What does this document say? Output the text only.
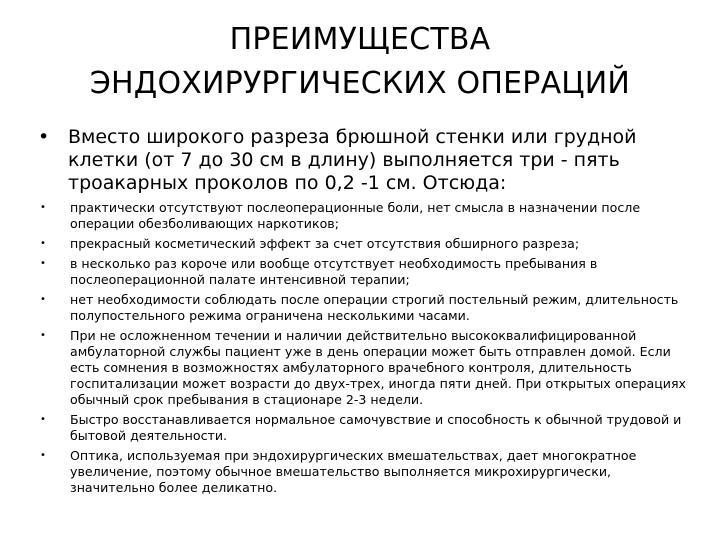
ПРЕИМУЩЕСТВА
ЭНДОХИРУРГИЧЕСКИХ ОПЕРАЦИЙ
• Вместо широкого разреза брюшной стенки или грудной клетки (от 7 до 30 см в длину) выполняется три - пять троакарных проколов по 0,2 -1 см. Отсюда:
•	практически отсутствуют послеоперационные боли, нет смысла в назначении после операции обезболивающих наркотиков;
•	прекрасный косметический эффект за счет отсутствия обширного разреза;
•	в несколько раз короче или вообще отсутствует необходимость пребывания в послеоперационной палате интенсивной терапии;
•	нет необходимости соблюдать после операции строгий постельный режим, длительность полупостельного режима ограничена несколькими часами.
•	При не осложненном течении и наличии действительно высококвалифицированной амбулаторной службы пациент уже в день операции может быть отправлен домой. Если есть сомнения в возможностях амбулаторного врачебного контроля, длительность госпитализации может возрасти до двух-трех, иногда пяти дней. При открытых операциях обычный срок пребывания в стационаре 2-3 недели.
•	Быстро восстанавливается нормальное самочувствие и способность к обычной трудовой и бытовой деятельности.
•	Оптика, используемая при эндохирургических вмешательствах, дает многократное увеличение, поэтому обычное вмешательство выполняется микрохирургически, значительно более деликатно.
